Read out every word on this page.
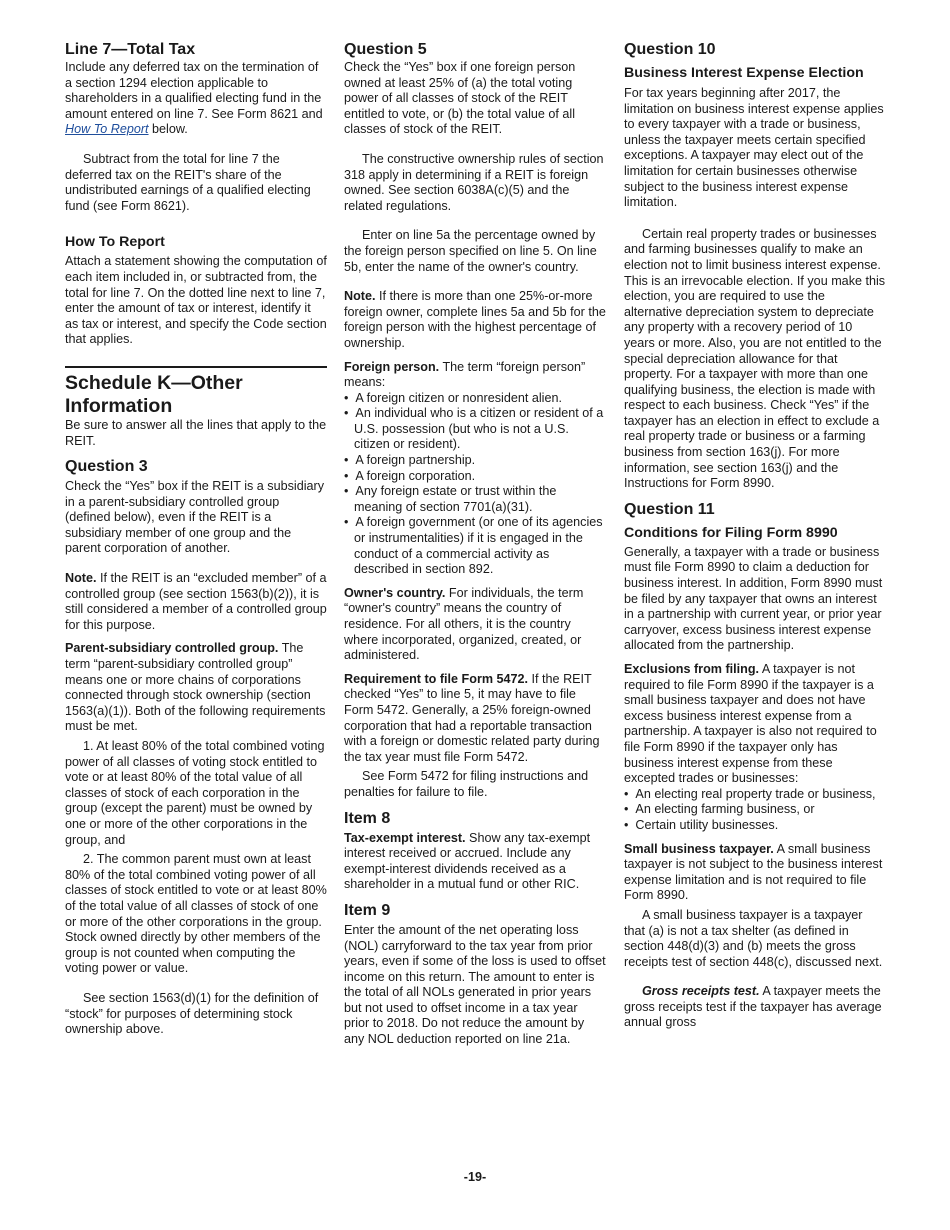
Line 7—Total Tax

Include any deferred tax on the termination of a section 1294 election applicable to shareholders in a qualified electing fund in the amount entered on line 7. See Form 8621 and How To Report below.

Subtract from the total for line 7 the deferred tax on the REIT's share of the undistributed earnings of a qualified electing fund (see Form 8621).

How To Report

Attach a statement showing the computation of each item included in, or subtracted from, the total for line 7. On the dotted line next to line 7, enter the amount of tax or interest, identify it as tax or interest, and specify the Code section that applies.

Schedule K—Other Information

Be sure to answer all the lines that apply to the REIT.

Question 3

Check the “Yes” box if the REIT is a subsidiary in a parent-subsidiary controlled group (defined below), even if the REIT is a subsidiary member of one group and the parent corporation of another.

Note. If the REIT is an “excluded member” of a controlled group (see section 1563(b)(2)), it is still considered a member of a controlled group for this purpose.

Parent-subsidiary controlled group. The term “parent-subsidiary controlled group” means one or more chains of corporations connected through stock ownership (section 1563(a)(1)). Both of the following requirements must be met.

1. At least 80% of the total combined voting power of all classes of voting stock entitled to vote or at least 80% of the total value of all classes of stock of each corporation in the group (except the parent) must be owned by one or more of the other corporations in the group, and

2. The common parent must own at least 80% of the total combined voting power of all classes of stock entitled to vote or at least 80% of the total value of all classes of stock of one or more of the other corporations in the group. Stock owned directly by other members of the group is not counted when computing the voting power or value.

See section 1563(d)(1) for the definition of “stock” for purposes of determining stock ownership above.

Question 5

Check the “Yes” box if one foreign person owned at least 25% of (a) the total voting power of all classes of stock of the REIT entitled to vote, or (b) the total value of all classes of stock of the REIT.

The constructive ownership rules of section 318 apply in determining if a REIT is foreign owned. See section 6038A(c)(5) and the related regulations.

Enter on line 5a the percentage owned by the foreign person specified on line 5. On line 5b, enter the name of the owner's country.

Note. If there is more than one 25%-or-more foreign owner, complete lines 5a and 5b for the foreign person with the highest percentage of ownership.

Foreign person. The term “foreign person” means:

•  A foreign citizen or nonresident alien.

•  An individual who is a citizen or resident of a U.S. possession (but who is not a U.S. citizen or resident).

•  A foreign partnership.

•  A foreign corporation.

•  Any foreign estate or trust within the meaning of section 7701(a)(31).

•  A foreign government (or one of its agencies or instrumentalities) if it is engaged in the conduct of a commercial activity as described in section 892.

Owner's country. For individuals, the term “owner's country” means the country of residence. For all others, it is the country where incorporated, organized, created, or administered.

Requirement to file Form 5472. If the REIT checked “Yes” to line 5, it may have to file Form 5472. Generally, a 25% foreign-owned corporation that had a reportable transaction with a foreign or domestic related party during the tax year must file Form 5472.

See Form 5472 for filing instructions and penalties for failure to file.

Item 8

Tax-exempt interest. Show any tax-exempt interest received or accrued. Include any exempt-interest dividends received as a shareholder in a mutual fund or other RIC.

Item 9

Enter the amount of the net operating loss (NOL) carryforward to the tax year from prior years, even if some of the loss is used to offset income on this return. The amount to enter is the total of all NOLs generated in prior years but not used to offset income in a tax year prior to 2018. Do not reduce the amount by any NOL deduction reported on line 21a.

Question 10
Business Interest Expense Election

For tax years beginning after 2017, the limitation on business interest expense applies to every taxpayer with a trade or business, unless the taxpayer meets certain specified exceptions. A taxpayer may elect out of the limitation for certain businesses otherwise subject to the business interest expense limitation.

Certain real property trades or businesses and farming businesses qualify to make an election not to limit business interest expense. This is an irrevocable election. If you make this election, you are required to use the alternative depreciation system to depreciate any property with a recovery period of 10 years or more. Also, you are not entitled to the special depreciation allowance for that property. For a taxpayer with more than one qualifying business, the election is made with respect to each business. Check “Yes” if the taxpayer has an election in effect to exclude a real property trade or business or a farming business from section 163(j). For more information, see section 163(j) and the Instructions for Form 8990.

Question 11
Conditions for Filing Form 8990

Generally, a taxpayer with a trade or business must file Form 8990 to claim a deduction for business interest. In addition, Form 8990 must be filed by any taxpayer that owns an interest in a partnership with current year, or prior year carryover, excess business interest expense allocated from the partnership.

Exclusions from filing. A taxpayer is not required to file Form 8990 if the taxpayer is a small business taxpayer and does not have excess business interest expense from a partnership. A taxpayer is also not required to file Form 8990 if the taxpayer only has business interest expense from these excepted trades or businesses:

•  An electing real property trade or business,

•  An electing farming business, or

•  Certain utility businesses.

Small business taxpayer. A small business taxpayer is not subject to the business interest expense limitation and is not required to file Form 8990.

A small business taxpayer is a taxpayer that (a) is not a tax shelter (as defined in section 448(d)(3) and (b) meets the gross receipts test of section 448(c), discussed next.

Gross receipts test. A taxpayer meets the gross receipts test if the taxpayer has average annual gross

-19-
